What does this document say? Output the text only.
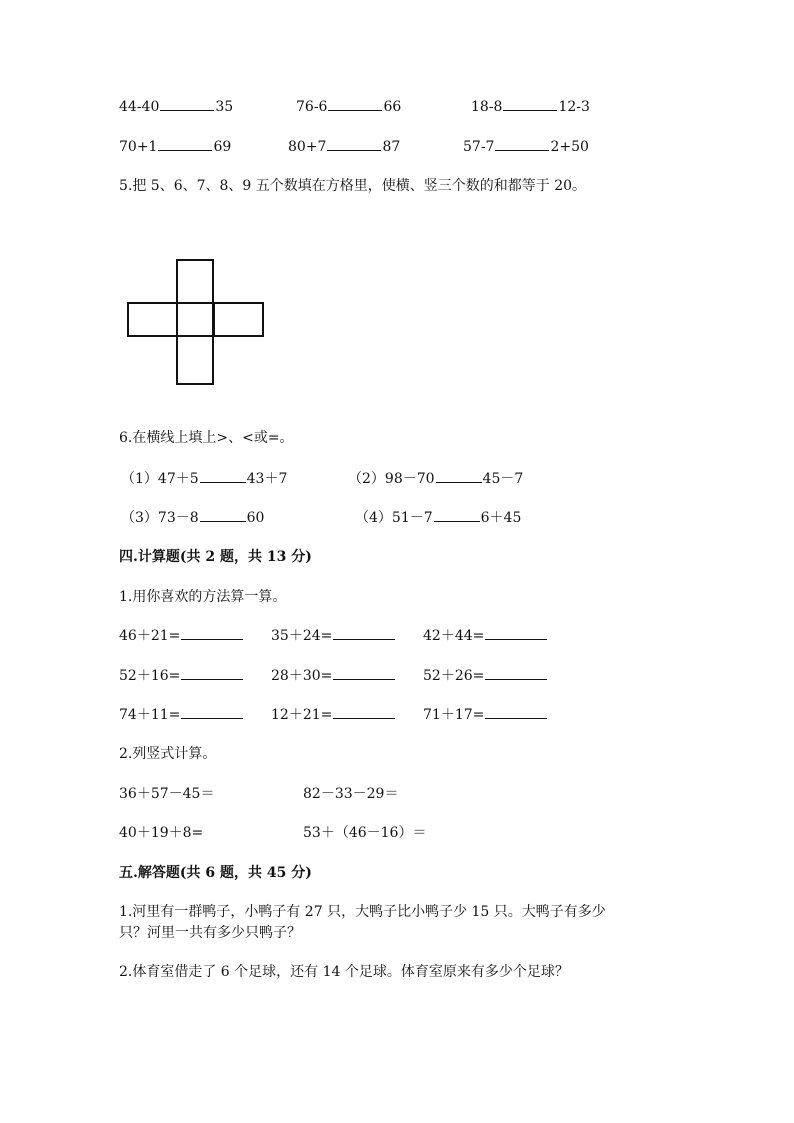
44-40	35	76-6	66	18-8	12-3
70+1	69	80+7	87	57-7	2+50
5.把 5、6、7、8、9 五个数填在方格里，使横、竖三个数的和都等于 20。
6.在横线上填上>、<或=。
（1）47＋5	43＋7	（2）98－70	45－7
（3）73－8	60	（4）51－7	6＋45
四.计算题(共 2 题，共 13 分)
1.用你喜欢的方法算一算。
46＋21=	35＋24=	42＋44=
52＋16=	28＋30=	52＋26=
74＋11=	12＋21=	71＋17=
2.列竖式计算。
36＋57－45＝	82－33－29＝
40＋19＋8=	53＋（46－16）＝
五.解答题(共 6 题，共 45 分)
1.河里有一群鸭子，小鸭子有 27 只，大鸭子比小鸭子少 15 只。大鸭子有多少
只？河里一共有多少只鸭子？
2.体育室借走了 6 个足球，还有 14 个足球。体育室原来有多少个足球？
